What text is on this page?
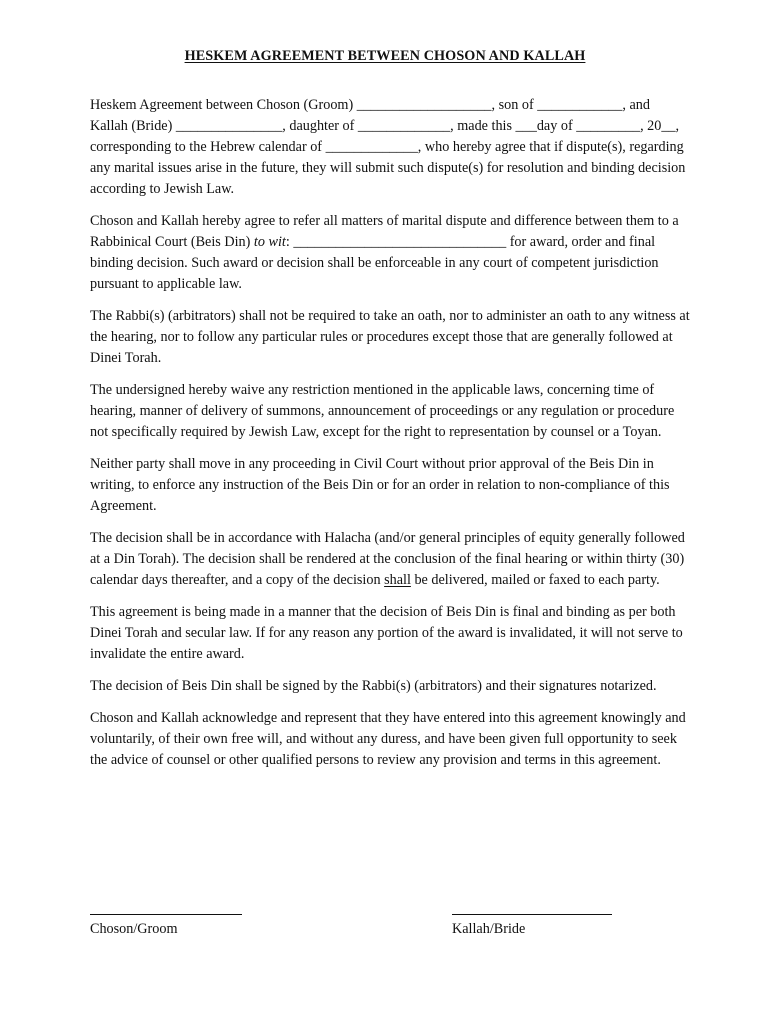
HESKEM AGREEMENT BETWEEN CHOSON AND KALLAH

Heskem Agreement between Choson (Groom) ___________________, son of ____________, and Kallah (Bride) _______________, daughter of _____________, made this ___day of _________, 20__, corresponding to the Hebrew calendar of _____________, who hereby agree that if dispute(s), regarding any marital issues arise in the future, they will submit such dispute(s) for resolution and binding decision according to Jewish Law.

Choson and Kallah hereby agree to refer all matters of marital dispute and difference between them to a Rabbinical Court (Beis Din) to wit: ______________________________ for award, order and final binding decision. Such award or decision shall be enforceable in any court of competent jurisdiction pursuant to applicable law.

The Rabbi(s) (arbitrators) shall not be required to take an oath, nor to administer an oath to any witness at the hearing, nor to follow any particular rules or procedures except those that are generally followed at Dinei Torah.

The undersigned hereby waive any restriction mentioned in the applicable laws, concerning time of hearing, manner of delivery of summons, announcement of proceedings or any regulation or procedure not specifically required by Jewish Law, except for the right to representation by counsel or a Toyan.

Neither party shall move in any proceeding in Civil Court without prior approval of the Beis Din in writing, to enforce any instruction of the Beis Din or for an order in relation to non-compliance of this Agreement.

The decision shall be in accordance with Halacha (and/or general principles of equity generally followed at a Din Torah). The decision shall be rendered at the conclusion of the final hearing or within thirty (30) calendar days thereafter, and a copy of the decision shall be delivered, mailed or faxed to each party.

This agreement is being made in a manner that the decision of Beis Din is final and binding as per both Dinei Torah and secular law. If for any reason any portion of the award is invalidated, it will not serve to invalidate the entire award.

The decision of Beis Din shall be signed by the Rabbi(s) (arbitrators) and their signatures notarized.

Choson and Kallah acknowledge and represent that they have entered into this agreement knowingly and voluntarily, of their own free will, and without any duress, and have been given full opportunity to seek the advice of counsel or other qualified persons to review any provision and terms in this agreement.

Choson/Groom	Kallah/Bride
